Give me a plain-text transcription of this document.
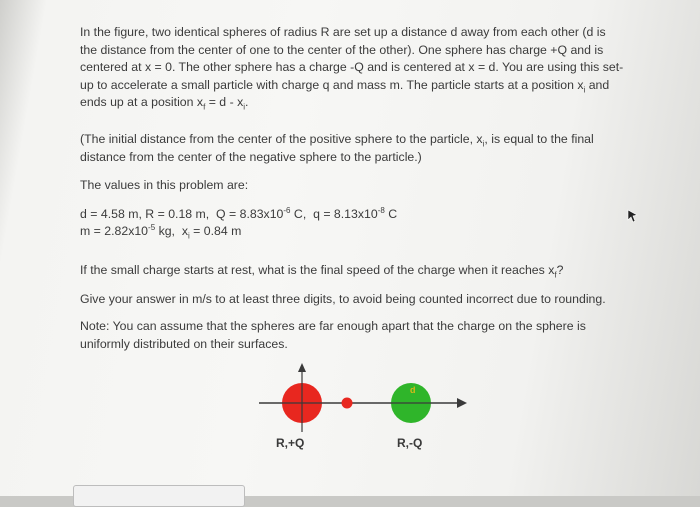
In the figure, two identical spheres of radius R are set up a distance d away from each other (d is
the distance from the center of one to the center of the other). One sphere has charge +Q and is
centered at x = 0. The other sphere has a charge -Q and is centered at x = d. You are using this set-
up to accelerate a small particle with charge q and mass m. The particle starts at a position $x_i$ and
ends up at a position $x_f = d - x_i$.

(The initial distance from the center of the positive sphere to the particle, $x_i$, is equal to the final
distance from the center of the negative sphere to the particle.)

The values in this problem are:

d = 4.58 m, R = 0.18 m, $Q = 8.83x10^{-6}$ C, $q = 8.13x10^{-8}$ C
$m = 2.82x10^{-5}$ kg, $x_i = 0.84$ m

If the small charge starts at rest, what is the final speed of the charge when it reaches $x_f$?

Give your answer in m/s to at least three digits, to avoid being counted incorrect due to rounding.

Note: You can assume that the spheres are far enough apart that the charge on the sphere is
uniformly distributed on their surfaces.

d
R,+Q	R,-Q
